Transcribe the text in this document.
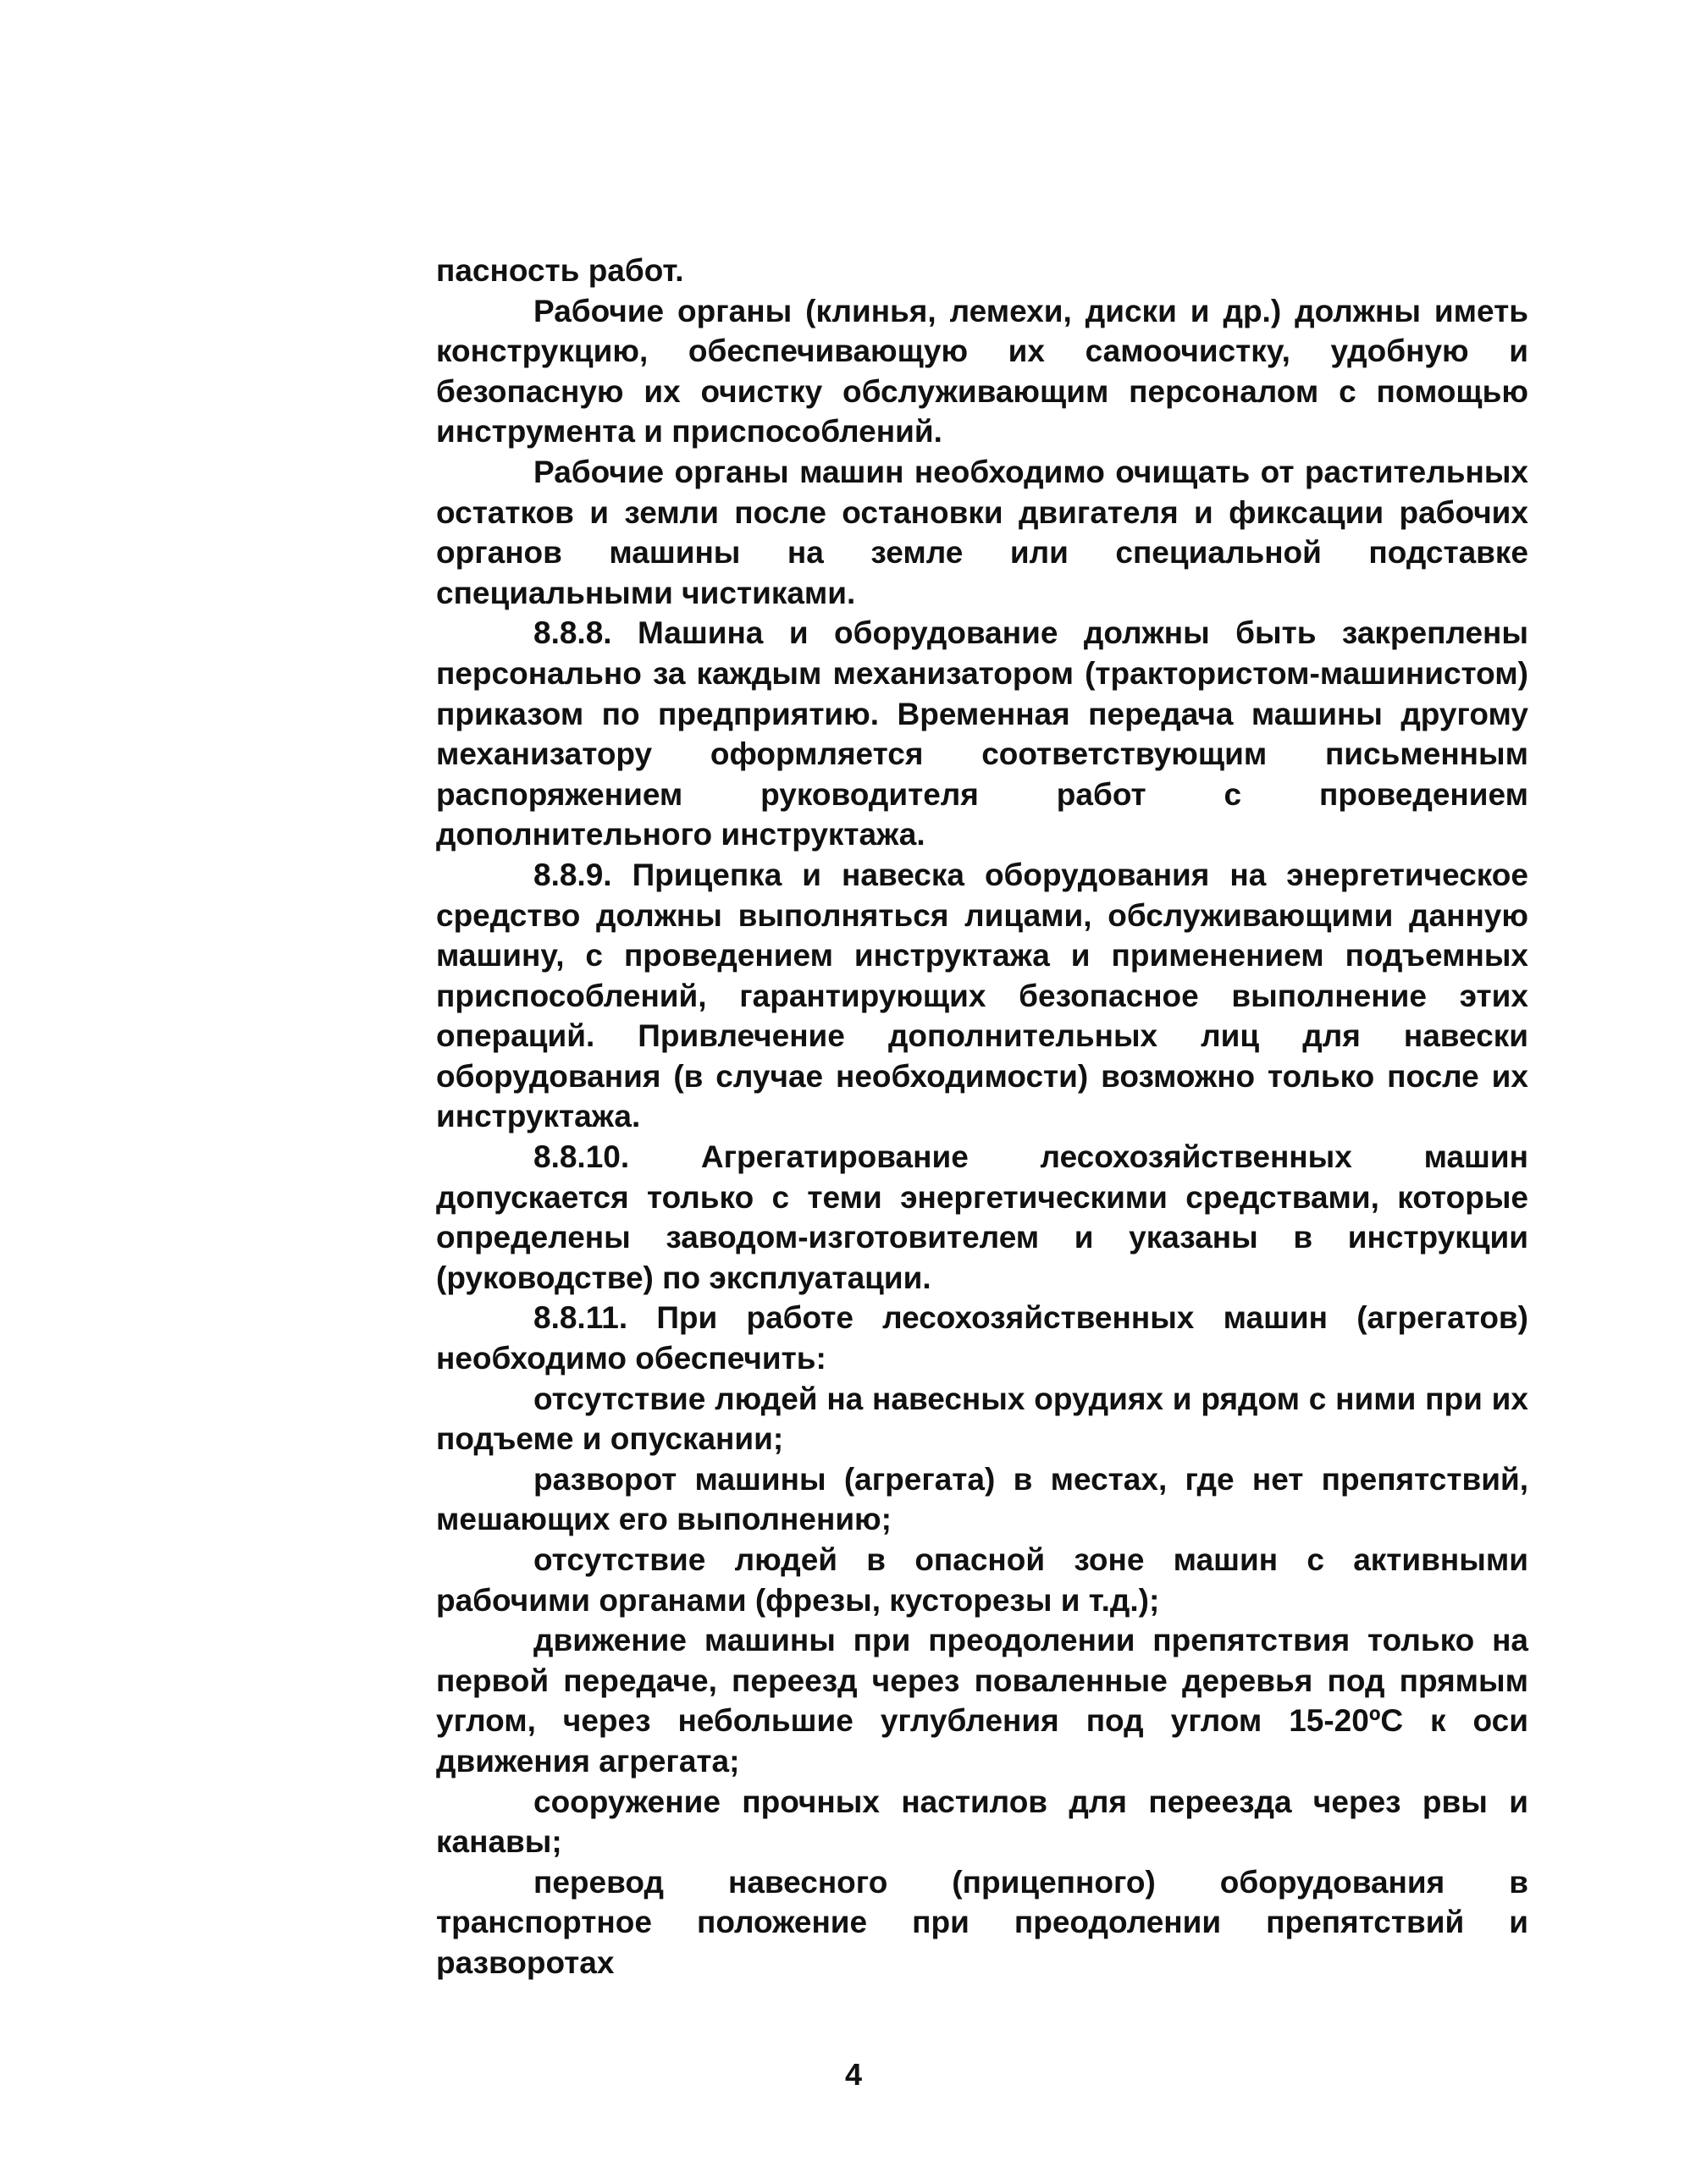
пасность работ.

Рабочие органы (клинья, лемехи, диски и др.) должны иметь конструкцию, обеспечивающую их самоочистку, удобную и безопасную их очистку обслуживающим персоналом с помощью инструмента и приспособлений.

Рабочие органы машин необходимо очищать от растительных остатков и земли после остановки двигателя и фиксации рабочих органов машины на земле или специальной подставке специальными чистиками.

8.8.8. Машина и оборудование должны быть закреплены персонально за каждым механизатором (трактористом-машинистом) приказом по предприятию. Временная передача машины другому механизатору оформляется соответствующим письменным распоряжением руководителя работ с проведением дополнительного инструктажа.

8.8.9. Прицепка и навеска оборудования на энергетическое средство должны выполняться лицами, обслуживающими данную машину, с проведением инструктажа и применением подъемных приспособлений, гарантирующих безопасное выполнение этих операций. Привлечение дополнительных лиц для навески оборудования (в случае необходимости) возможно только после их инструктажа.

8.8.10. Агрегатирование лесохозяйственных машин допускается только с теми энергетическими средствами, которые определены заводом-изготовителем и указаны в инструкции (руководстве) по эксплуатации.

8.8.11. При работе лесохозяйственных машин (агрегатов) необходимо обеспечить:

отсутствие людей на навесных орудиях и рядом с ними при их подъеме и опускании;

разворот машины (агрегата) в местах, где нет препятствий, мешающих его выполнению;

отсутствие людей в опасной зоне машин с активными рабочими органами (фрезы, кусторезы и т.д.);

движение машины при преодолении препятствия только на первой передаче, переезд через поваленные деревья под прямым углом, через небольшие углубления под углом 15-20ºС к оси движения агрегата;

сооружение прочных настилов для переезда через рвы и канавы;

перевод навесного (прицепного) оборудования в транспортное положение при преодолении препятствий и разворотах

4
